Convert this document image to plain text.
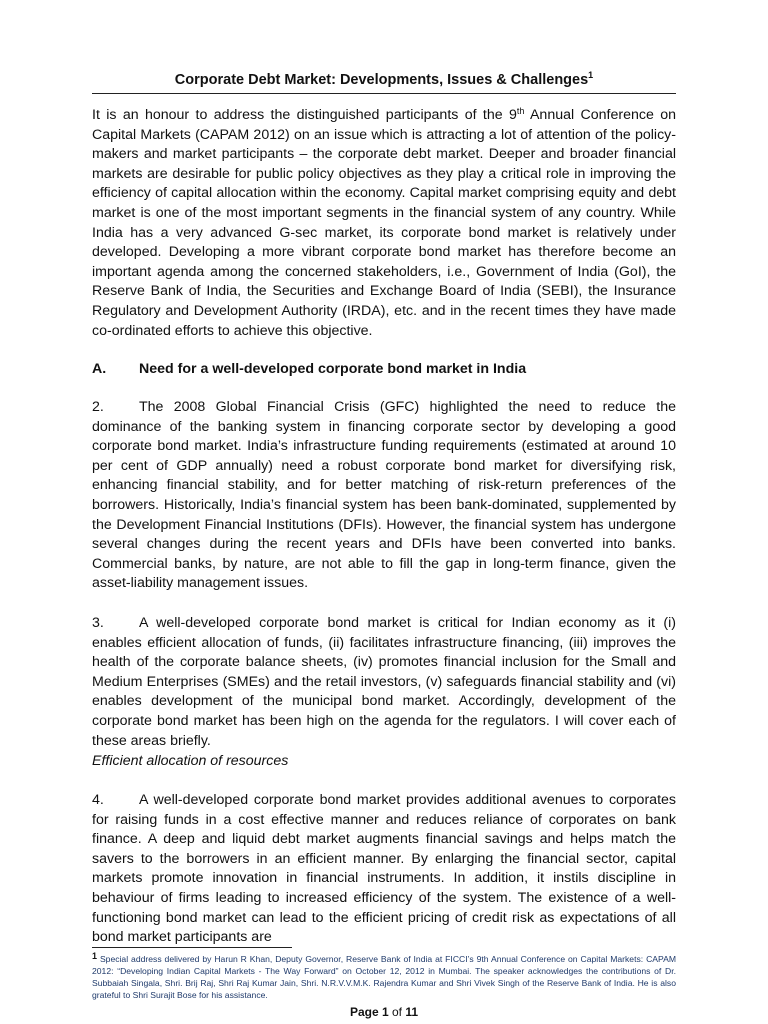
Corporate Debt Market: Developments, Issues & Challenges$^1$
It is an honour to address the distinguished participants of the 9th Annual Conference on Capital Markets (CAPAM 2012) on an issue which is attracting a lot of attention of the policy-makers and market participants – the corporate debt market. Deeper and broader financial markets are desirable for public policy objectives as they play a critical role in improving the efficiency of capital allocation within the economy. Capital market comprising equity and debt market is one of the most important segments in the financial system of any country. While India has a very advanced G-sec market, its corporate bond market is relatively under developed. Developing a more vibrant corporate bond market has therefore become an important agenda among the concerned stakeholders, i.e., Government of India (GoI), the Reserve Bank of India, the Securities and Exchange Board of India (SEBI), the Insurance Regulatory and Development Authority (IRDA), etc. and in the recent times they have made co-ordinated efforts to achieve this objective.
A. Need for a well-developed corporate bond market in India
2. The 2008 Global Financial Crisis (GFC) highlighted the need to reduce the dominance of the banking system in financing corporate sector by developing a good corporate bond market. India’s infrastructure funding requirements (estimated at around 10 per cent of GDP annually) need a robust corporate bond market for diversifying risk, enhancing financial stability, and for better matching of risk-return preferences of the borrowers. Historically, India’s financial system has been bank-dominated, supplemented by the Development Financial Institutions (DFIs). However, the financial system has undergone several changes during the recent years and DFIs have been converted into banks. Commercial banks, by nature, are not able to fill the gap in long-term finance, given the asset-liability management issues.
3. A well-developed corporate bond market is critical for Indian economy as it (i) enables efficient allocation of funds, (ii) facilitates infrastructure financing, (iii) improves the health of the corporate balance sheets, (iv) promotes financial inclusion for the Small and Medium Enterprises (SMEs) and the retail investors, (v) safeguards financial stability and (vi) enables development of the municipal bond market. Accordingly, development of the corporate bond market has been high on the agenda for the regulators. I will cover each of these areas briefly.
Efficient allocation of resources
4. A well-developed corporate bond market provides additional avenues to corporates for raising funds in a cost effective manner and reduces reliance of corporates on bank finance. A deep and liquid debt market augments financial savings and helps match the savers to the borrowers in an efficient manner. By enlarging the financial sector, capital markets promote innovation in financial instruments. In addition, it instils discipline in behaviour of firms leading to increased efficiency of the system. The existence of a well-functioning bond market can lead to the efficient pricing of credit risk as expectations of all bond market participants are
$^1$ Special address delivered by Harun R Khan, Deputy Governor, Reserve Bank of India at FICCI’s 9th Annual Conference on Capital Markets: CAPAM 2012: “Developing Indian Capital Markets - The Way Forward” on October 12, 2012 in Mumbai. The speaker acknowledges the contributions of Dr. Subbaiah Singala, Shri. Brij Raj, Shri Raj Kumar Jain, Shri. N.R.V.V.M.K. Rajendra Kumar and Shri Vivek Singh of the Reserve Bank of India. He is also grateful to Shri Surajit Bose for his assistance.
Page 1 of 11
